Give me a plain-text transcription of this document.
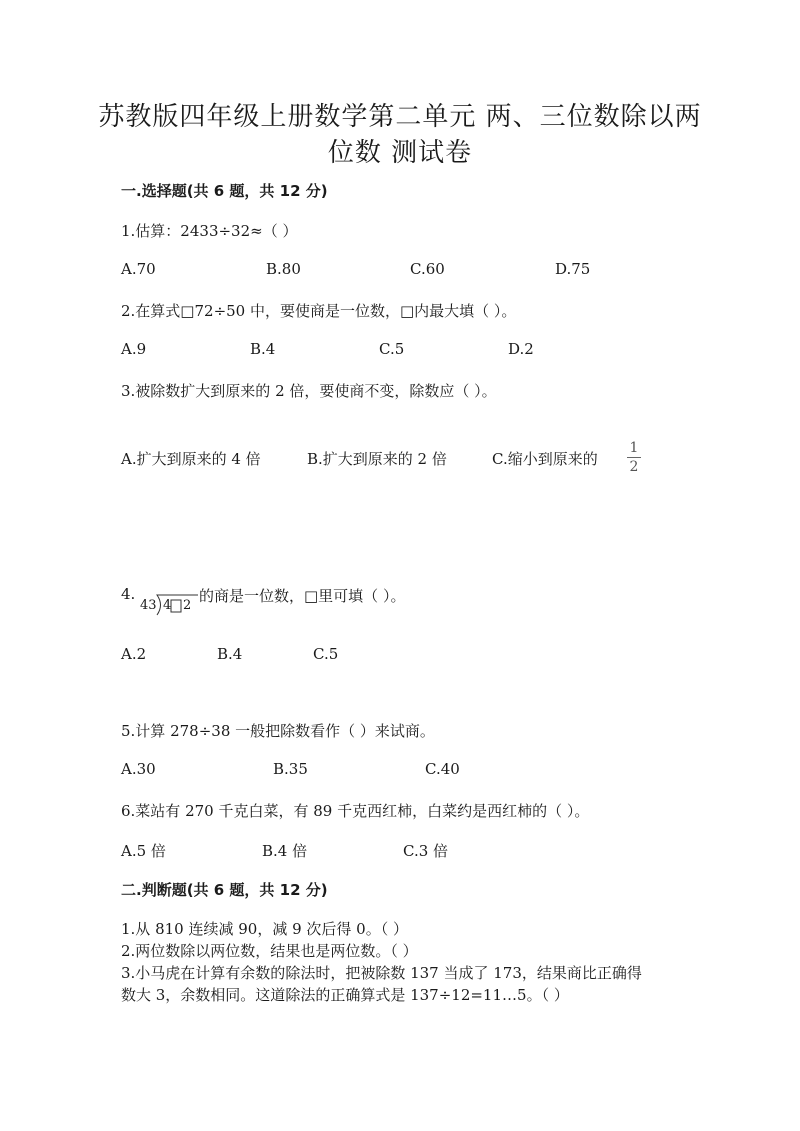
苏教版四年级上册数学第二单元 两、三位数除以两
位数 测试卷
一.选择题(共 6 题，共 12 分)
1.估算：2433÷32≈（ ）
A.70	B.80	C.60	D.75
2.在算式□72÷50 中，要使商是一位数，□内最大填（ ）。
A.9	B.4	C.5	D.2
3.被除数扩大到原来的 2 倍，要使商不变，除数应（ ）。
A.扩大到原来的 4 倍	B.扩大到原来的 2 倍	C.缩小到原来的
1
2
4.
43 4 2
的商是一位数，□里可填（ ）。
A.2	B.4	C.5
5.计算 278÷38 一般把除数看作（ ）来试商。
A.30	B.35	C.40
6.菜站有 270 千克白菜，有 89 千克西红柿，白菜约是西红柿的（ ）。
A.5 倍	B.4 倍	C.3 倍
二.判断题(共 6 题，共 12 分)
1.从 810 连续减 90，减 9 次后得 0。（ ）
2.两位数除以两位数，结果也是两位数。（ ）
3.小马虎在计算有余数的除法时，把被除数 137 当成了 173，结果商比正确得
数大 3，余数相同。这道除法的正确算式是 137÷12=11…5。（ ）
